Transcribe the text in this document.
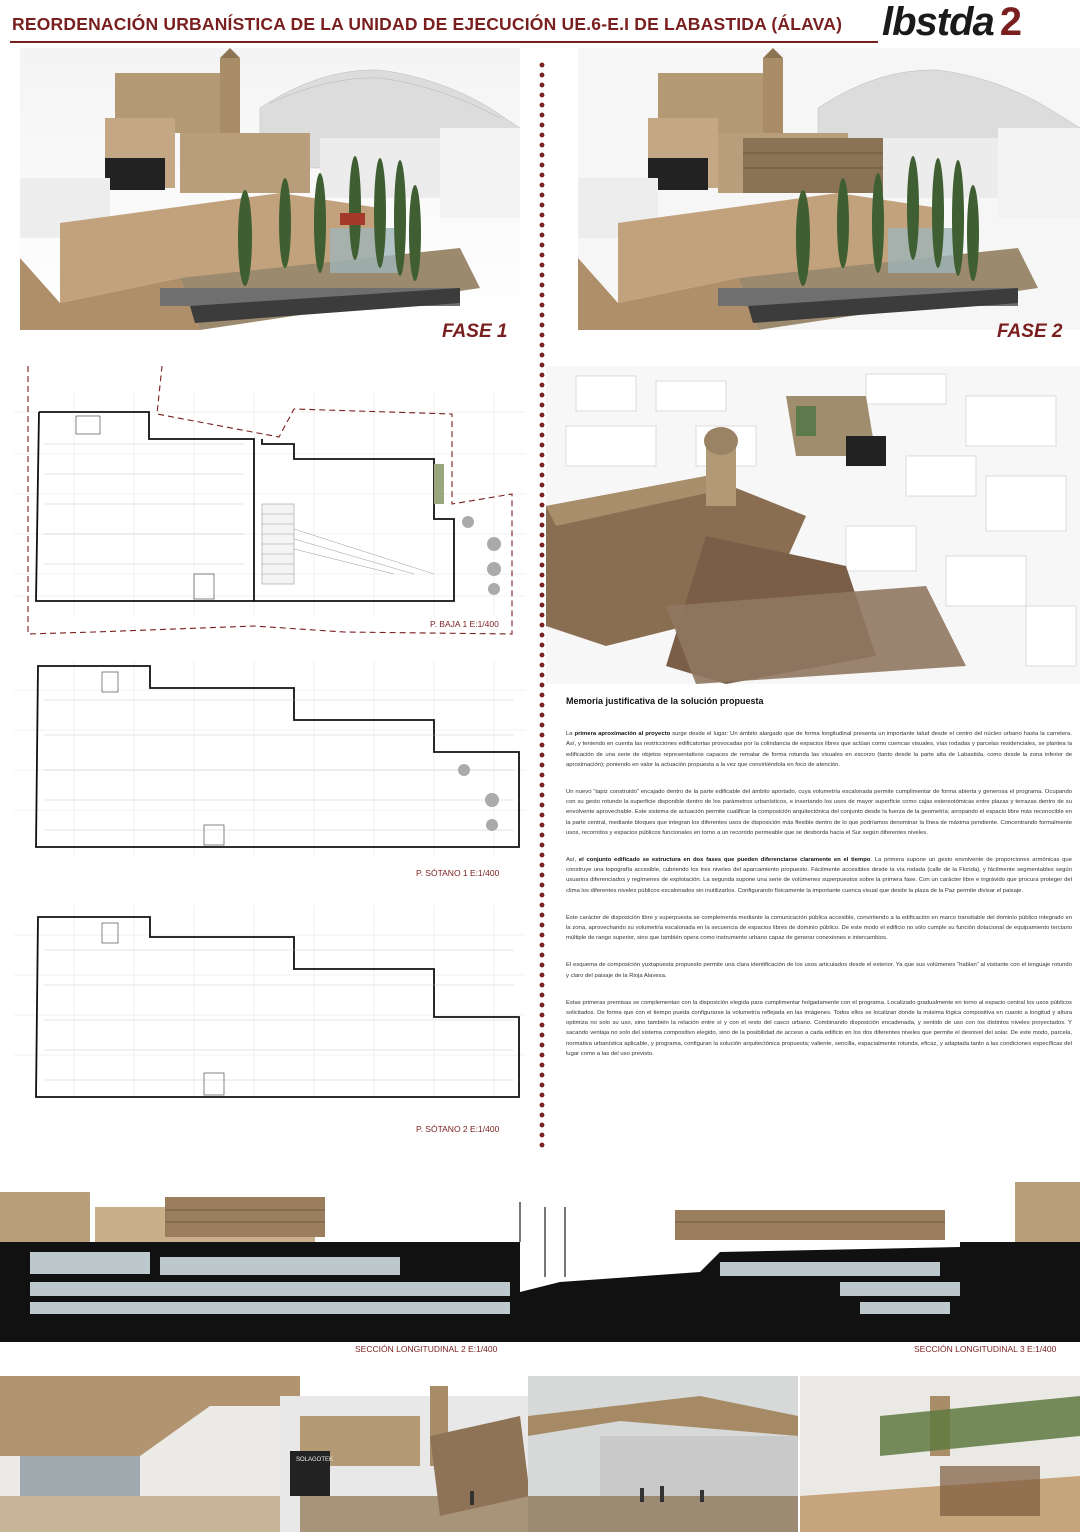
REORDENACIÓN URBANÍSTICA DE LA UNIDAD DE EJECUCIÓN UE.6-E.I DE LABASTIDA (ÁLAVA) lbstda 2
FASE 1	FASE 2
P. BAJA 1 E:1/400
P. SÓTANO 1 E:1/400
P. SÓTANO 2 E:1/400
Memoria justificativa de la solución propuesta

La primera aproximación al proyecto surge desde el lugar: Un ámbito alargado que de forma longitudinal presenta un importante talud desde el centro del núcleo urbano hasta la carretera. Así, y teniendo en cuenta las restricciones edificatorias provocadas por la colindancia de espacios libres que actúan como cuencas visuales, vías rodadas y parcelas residenciales, se plantea la edificación de una serie de objetos representativos capaces de rematar de forma rotunda las visuales en escorzo (tanto desde la parte alta de Labastida, como desde la zona inferior de aproximación); poniendo en valor la actuación propuesta a la vez que convirtiéndola en foco de atención.

Un nuevo “tapiz construido” encajado dentro de la parte edificable del ámbito aportado, cuya volumetría escalonada permite cumplimentar de forma abierta y generosa el programa. Ocupando con su gesto rotundo la superficie disponible dentro de los parámetros urbanísticos, e insertando los usos de mayor superficie como cajas estereotómicas entre plazas y terrazas dentro de su envolvente aprovechable. Este sistema de actuación permite cualificar la composición arquitectónica del conjunto desde la fuerza de la geometría; arropando el espacio libre más reconocible en la parte central, mediante bloques que integran los diferentes usos de disposición más flexible dentro de lo que podríamos denominar la línea de máxima pendiente. Concentrando formalmente usos, recorridos y espacios públicos funcionales en torno a un recorrido permeable que se desborda hacia el Sur según diferentes niveles.

Así, el conjunto edificado se estructura en dos fases que pueden diferenciarse claramente en el tiempo. La primera supone un gesto envolvente de proporciones armónicas que construye una topografía accesible, cubriendo los tres niveles del aparcamiento propuesto. Fácilmente accesibles desde la vía rodada (calle de la Florida), y fácilmente segmentables según usuarios diferenciados y regímenes de explotación. La segunda supone una serie de volúmenes superpuestos sobre la primera fase. Con un carácter libre e ingrávido que procura proteger del clima los diferentes niveles públicos escalonados sin inutilizarlos. Configurando físicamente la importante cuenca visual que desde la plaza de la Paz permite divisar el paisaje.

Este carácter de disposición libre y superpuesta se complementa mediante la comunicación pública accesible, convirtiendo a la edificación en marco transitable del dominio público integrado en la zona, aprovechando su volumetría escalonada en la secuencia de espacios libres de dominio público. De este modo el edificio no sólo cumple su función dotacional de equipamiento terciario múltiple de rango superior, sino que también opera como instrumento urbano capaz de generar conexiones e intercambios.

El esquema de composición yuxtapuesta propuesto permite una clara identificación de los usos articulados desde el exterior. Ya que sus volúmenes “hablan” al visitante con el lenguaje rotundo y claro del paisaje de la Rioja Alavesa.

Estas primeras premisas se complementan con la disposición elegida para cumplimentar holgadamente con el programa. Localizado gradualmente en torno al espacio central los usos públicos solicitados. De forma que con el tiempo pueda configurarse la volumetría reflejada en las imágenes. Todos ellos se localizan donde la máxima lógica compositiva en cuanto a longitud y altura optimiza no solo su uso, sino también la relación entre sí y con el resto del casco urbano. Combinando disposición encadenada, y sentido de uso con los distintos niveles proyectados. Y sacando ventaja no solo del sistema compositivo elegido, sino de la posibilidad de acceso a cada edificio en los dos diferentes niveles que permite el desnivel del solar. De este modo, parcela, normativa urbanística aplicable, y programa, configuran la solución arquitectónica propuesta; valiente, sencilla, espacialmente rotunda, eficaz, y adaptada tanto a las condiciones específicas del lugar como a las del uso previsto.

SECCIÓN LONGITUDINAL 2 E:1/400	SECCIÓN LONGITUDINAL 3 E:1/400
SOLAGOTEK
